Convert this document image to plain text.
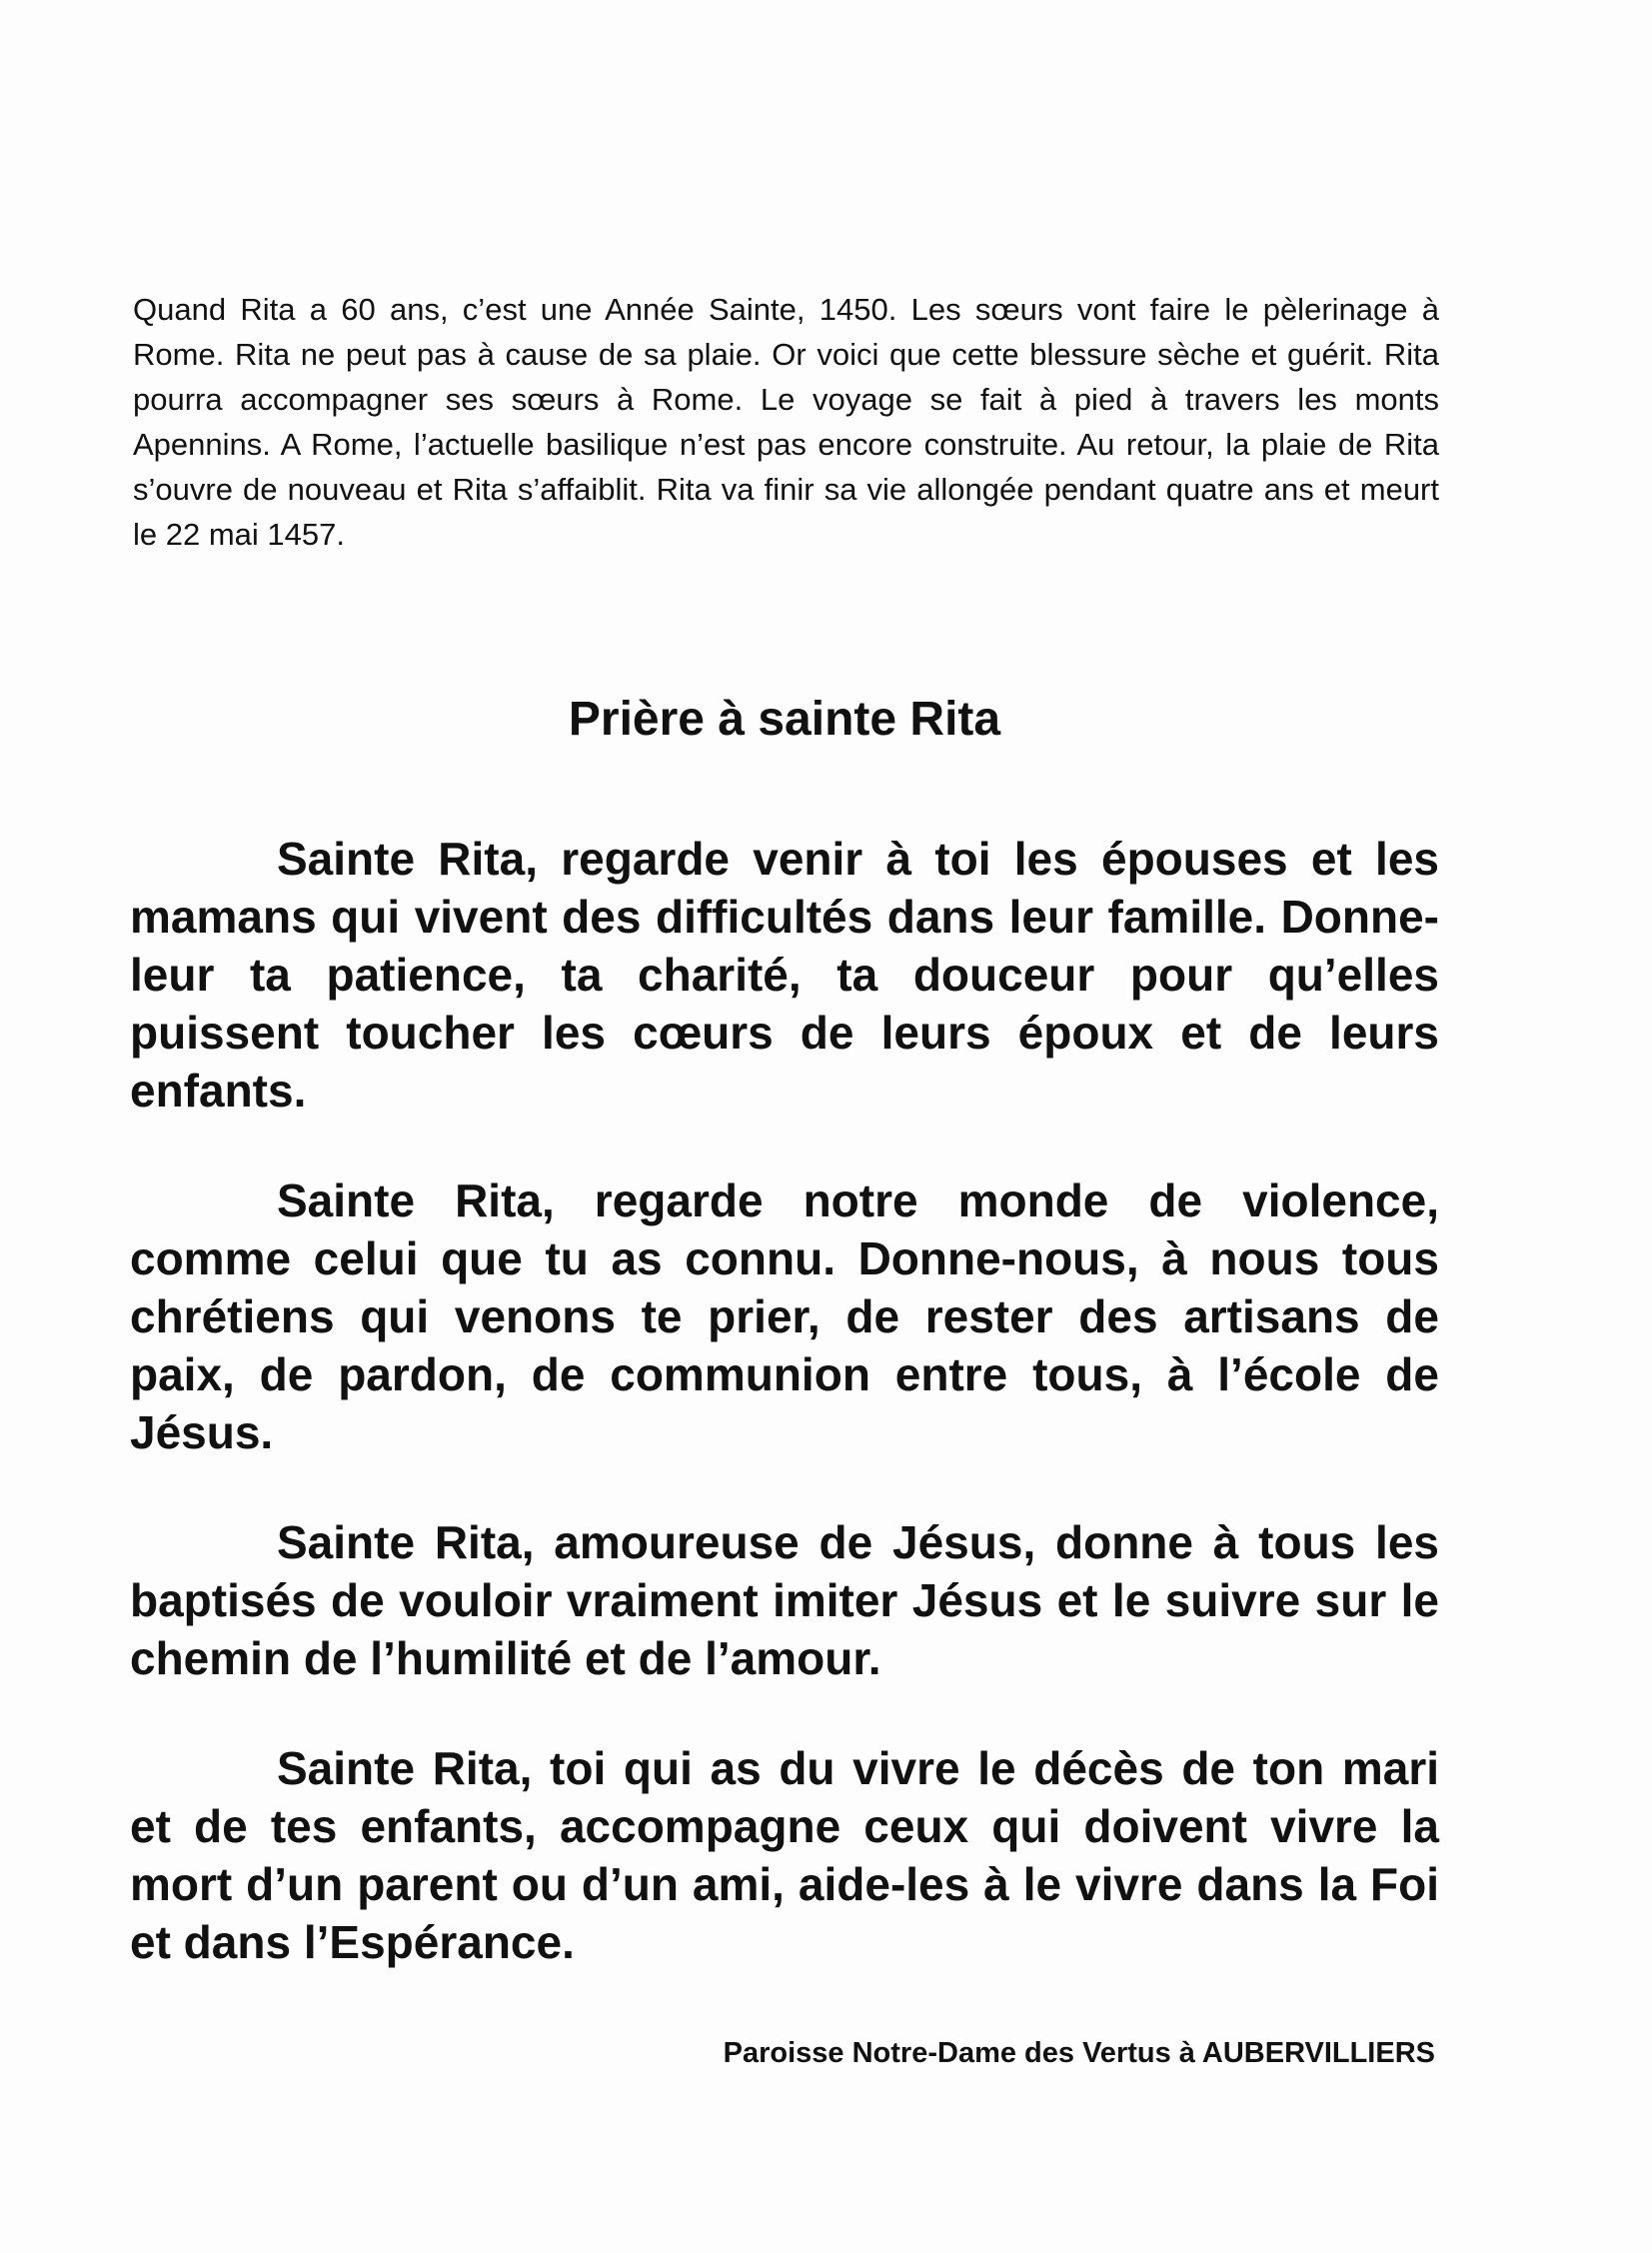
Quand Rita a 60 ans, c’est une Année Sainte, 1450. Les sœurs vont faire le pèlerinage à Rome. Rita ne peut pas à cause de sa plaie. Or voici que cette blessure sèche et guérit. Rita pourra accompagner ses sœurs à Rome. Le voyage se fait à pied à travers les monts Apennins. A Rome, l’actuelle basilique n’est pas encore construite. Au retour, la plaie de Rita s’ouvre de nouveau et Rita s’affaiblit. Rita va finir sa vie allongée pendant quatre ans et meurt le 22 mai 1457.

Prière à sainte Rita

Sainte Rita, regarde venir à toi les épouses et les mamans qui vivent des difficultés dans leur famille. Donne-leur ta patience, ta charité, ta douceur pour qu’elles puissent toucher les cœurs de leurs époux et de leurs enfants.

Sainte Rita, regarde notre monde de violence, comme celui que tu as connu. Donne-nous, à nous tous chrétiens qui venons te prier, de rester des artisans de paix, de pardon, de communion entre tous, à l’école de Jésus.

Sainte Rita, amoureuse de Jésus, donne à tous les baptisés de vouloir vraiment imiter Jésus et le suivre sur le chemin de l’humilité et de l’amour.

Sainte Rita, toi qui as du vivre le décès de ton mari et de tes enfants, accompagne ceux qui doivent vivre la mort d’un parent ou d’un ami, aide-les à le vivre dans la Foi et dans l’Espérance.

Paroisse Notre-Dame des Vertus à AUBERVILLIERS
